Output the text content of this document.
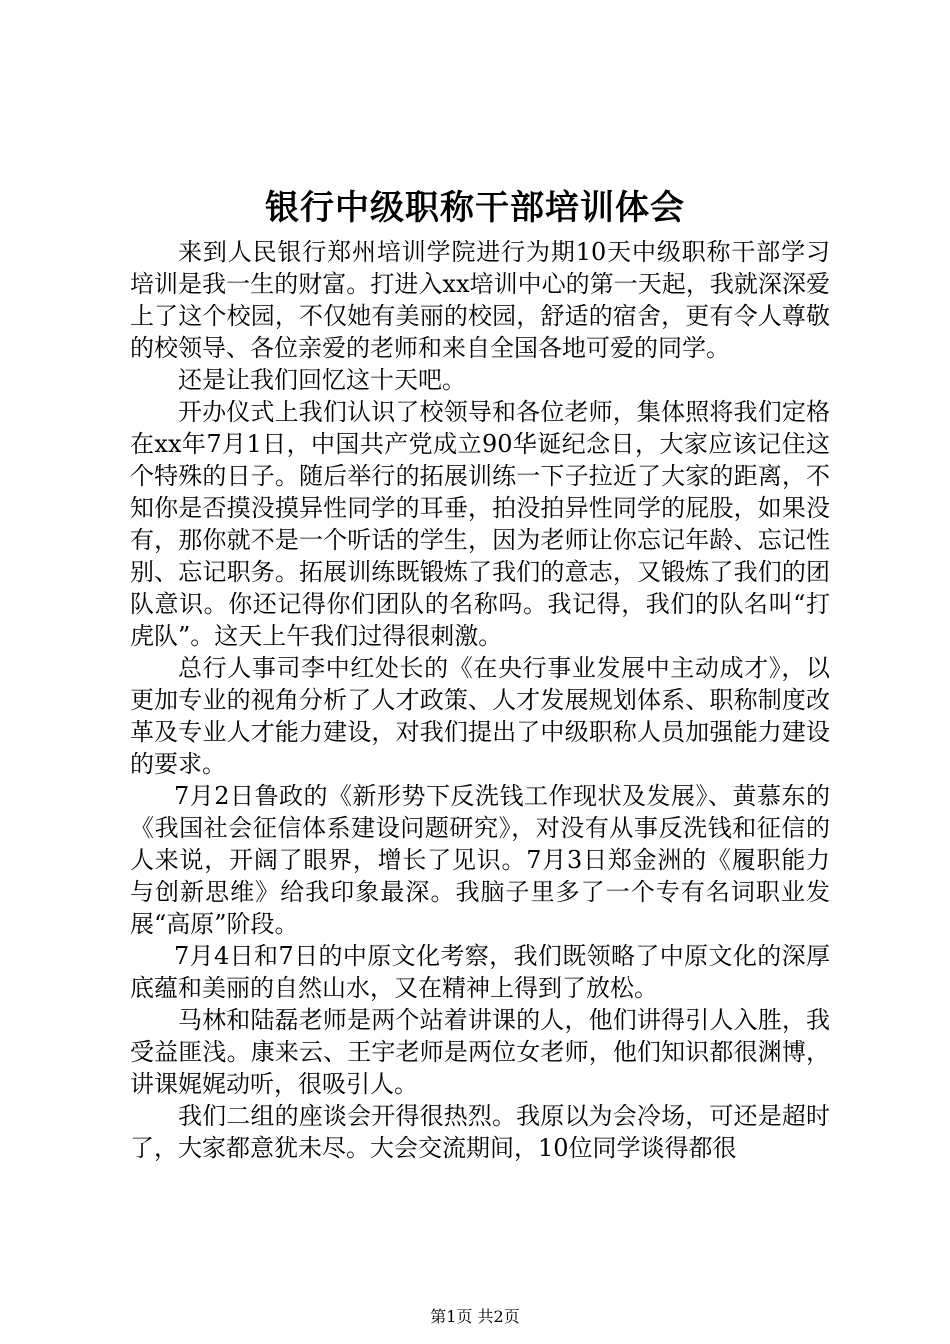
银行中级职称干部培训体会

来到人民银行郑州培训学院进行为期10天中级职称干部学习培训是我一生的财富。打进入xx培训中心的第一天起，我就深深爱上了这个校园，不仅她有美丽的校园，舒适的宿舍，更有令人尊敬的校领导、各位亲爱的老师和来自全国各地可爱的同学。

还是让我们回忆这十天吧。

开办仪式上我们认识了校领导和各位老师，集体照将我们定格在xx年7月1日，中国共产党成立90华诞纪念日，大家应该记住这个特殊的日子。随后举行的拓展训练一下子拉近了大家的距离，不知你是否摸没摸异性同学的耳垂，拍没拍异性同学的屁股，如果没有，那你就不是一个听话的学生，因为老师让你忘记年龄、忘记性别、忘记职务。拓展训练既锻炼了我们的意志，又锻炼了我们的团队意识。你还记得你们团队的名称吗。我记得，我们的队名叫“打虎队”。这天上午我们过得很刺激。

总行人事司李中红处长的《在央行事业发展中主动成才》，以更加专业的视角分析了人才政策、人才发展规划体系、职称制度改革及专业人才能力建设，对我们提出了中级职称人员加强能力建设的要求。

7月2日鲁政的《新形势下反洗钱工作现状及发展》、黄慕东的《我国社会征信体系建设问题研究》，对没有从事反洗钱和征信的人来说，开阔了眼界，增长了见识。7月3日郑金洲的《履职能力与创新思维》给我印象最深。我脑子里多了一个专有名词职业发展“高原”阶段。

7月4日和7日的中原文化考察，我们既领略了中原文化的深厚底蕴和美丽的自然山水，又在精神上得到了放松。

马林和陆磊老师是两个站着讲课的人，他们讲得引人入胜，我受益匪浅。康来云、王宇老师是两位女老师，他们知识都很渊博，讲课娓娓动听，很吸引人。

我们二组的座谈会开得很热烈。我原以为会冷场，可还是超时了，大家都意犹未尽。大会交流期间，10位同学谈得都很

第1页 共2页
